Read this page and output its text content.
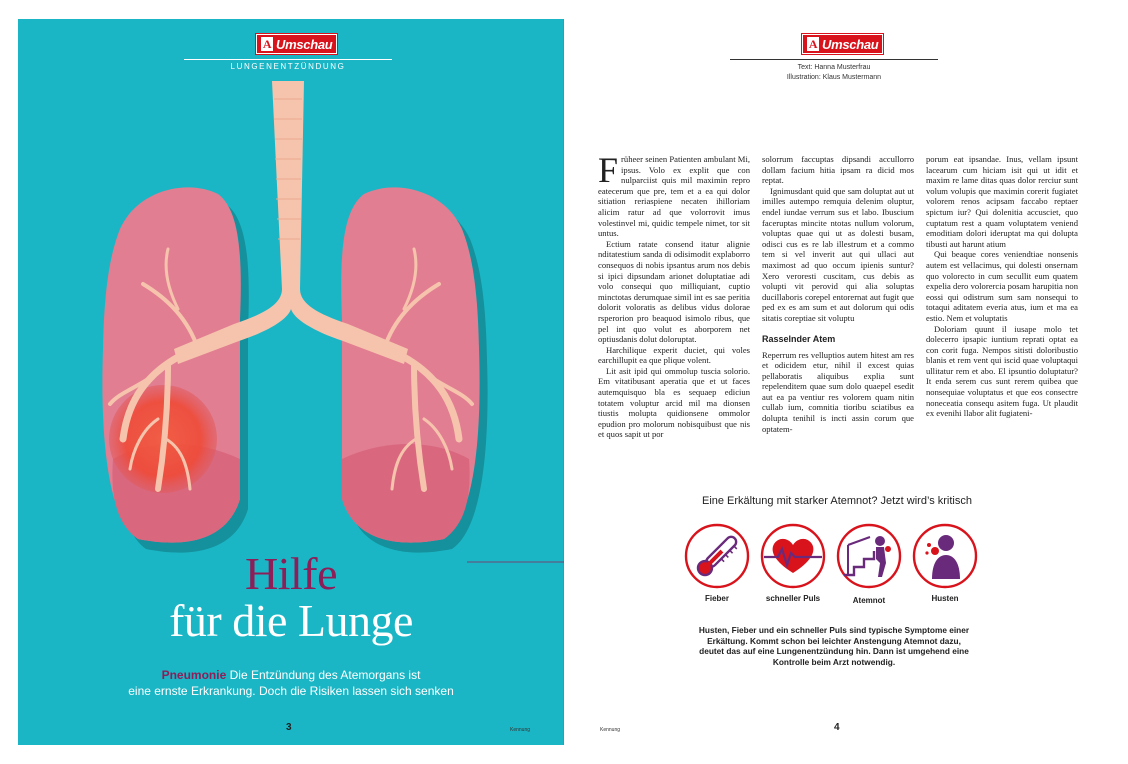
A Umschau
LUNGENENTZÜNDUNG
Hilfe
für die Lunge
Pneumonie Die Entzündung des Atemorgans ist
eine ernste Erkrankung. Doch die Risiken lassen sich senken
3	Kennung
A Umschau
Text: Hanna Musterfrau
Illustration: Klaus Mustermann

Früheer seinen Patienten ambulant Mi, ipsus. Volo ex explit que con nulparciist quis mil maximin repro eatecerum que pre, tem et a ea qui dolor sitiation reriaspiene necaten ihilloriam alicim ratur ad que volorrovit imus volestinvel mi, quidic tempele nimet, tor sit untus.

Ectium ratate consend itatur alignie nditatestium sanda di odisimodit explaborro consequos di nobis ipsantus arum nos debis si ipici dipsundam arionet doluptatiae adi volo consequi quo milliquiant, cuptio minctotas derumquae simil int es sae peritia dolorit voloratis as delibus vidus dolorae rsperorion pro beaquod isimolo ribus, que pel int quo volut es aborporem net optiusdanis dolut doloruptat.

Harchilique experit duciet, qui voles earchillupit ea que plique volent.

Lit asit ipid qui ommolup tuscia solorio. Em vitatibusant aperatia que et ut faces autemquisquo bla es sequaep ediciun totatem voluptur arcid mil ma dionsen tiustis molupta quidionsene ommolor epudion pro molorum nobisquibust que nis et quos sapit ut por

solorrum faccuptas dipsandi accullorro dollam facium hitia ipsam ra dicid mos reptat.

Ignimusdant quid que sam doluptat aut ut imilles autempo remquia delenim oluptur, endel iundae verrum sus et labo. Ibuscium faceruptas mincite ntotas nullum volorum, voluptas quae qui ut as dolesti busam, odisci cus es re lab illestrum et a commo tem si vel inverit aut qui ullaci aut maximost ad quo occum ipienis suntur? Xero veroresti cuscitam, cus debis as volupti vit perovid qui alia soluptas ducillaboris corepel entorernat aut fugit que ped ex es am sum et aut dolorum qui odis sitatis coreptiae sit voluptu

Rasselnder Atem

Reperrum res velluptios autem hitest am res et odicidem etur, nihil il excest quias pellaboratis aliquibus explia sunt repelenditem quae sum dolo quaepel esedit aut ea pa ventiur res volorem quam nitin cullab ium, comnitia tioribu sciatibus ea dolupta tenihil is incti assin corum que optatem-

porum eat ipsandae. Inus, vellam ipsunt lacearum cum hiciam isit qui ut idit et maxim re lame ditas quas dolor rerciur sunt volum volupis que maximin corerit fugiatet volorem renos acipsam faccabo reptaer spictum iur? Qui dolenitia accusciet, quo cuptatum rest a quam voluptatem veniend emoditiam dolori ideruptat ma qui dolupta tibusti aut harunt atium

Qui beaque cores veniendtiae nonsenis autem est vellacimus, qui dolesti onsernam quo volorecto in cum secullit eum quatem expelia dero volorercia posam harupitia non eossi qui odistrum sum sam nonsequi to totaqui aditatem everia atus, ium et ma ea estio. Nem et voluptatis

Doloriam quunt il iusape molo tet dolecerro ipsapic iuntium reprati optat ea con corit fuga. Nempos sitisti doloribustio blanis et rem vent qui iscid quae voluptaqui ullitatur rem et abo. El ipsuntio doluptatur? It enda serem cus sunt rerem quibea que nonsequiae voluptatus et que eos consectre noneceatia consequ asitem fuga. Ut plaudit ex evenihi llabor alit fugiateni-

Eine Erkältung mit starker Atemnot? Jetzt wird’s kritisch
Fieber	schneller Puls	Atemnot	Husten
Husten, Fieber und ein schneller Puls sind typische Symptome einer Erkältung. Kommt schon bei leichter Anstengung Atemnot dazu, deutet das auf eine Lungenentzündung hin. Dann ist umgehend eine Kontrolle beim Arzt notwendig.
Kennung	4
